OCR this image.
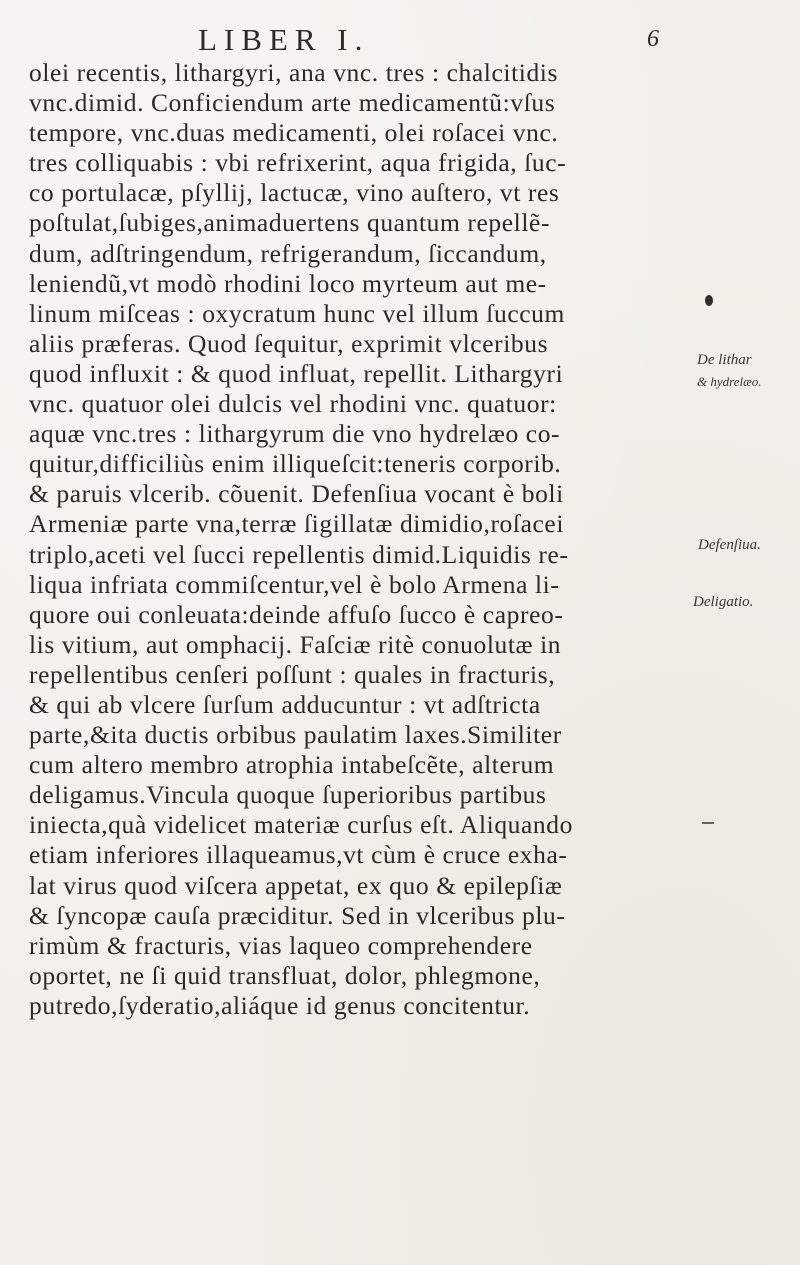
LIBER I.	6
olei recentis, lithargyri, ana vnc. tres : chalcitidis
vnc.dimid. Conficiendum arte medicamentũ:vſus
tempore, vnc.duas medicamenti, olei roſacei vnc.
tres colliquabis : vbi refrixerint, aqua frigida, ſuc-
co portulacæ, pſyllij, lactucæ, vino auſtero, vt res
poſtulat,ſubiges,animaduertens quantum repellẽ-
dum, adſtringendum, refrigerandum, ſiccandum,
leniendũ,vt modò rhodini loco myrteum aut me-
linum miſceas : oxycratum hunc vel illum ſuccum
aliis præferas. Quod ſequitur, exprimit vlceribus
quod influxit : & quod influat, repellit. Lithargyri
vnc. quatuor olei dulcis vel rhodini vnc. quatuor:
aquæ vnc.tres : lithargyrum die vno hydrelæo co-
quitur,difficiliùs enim illiqueſcit:teneris corporib.
& paruis vlcerib. cõuenit. Defenſiua vocant è boli
Armeniæ parte vna,terræ ſigillatæ dimidio,roſacei
triplo,aceti vel ſucci repellentis dimid.Liquidis re-
liqua infriata commiſcentur,vel è bolo Armena li-
quore oui conleuata:deinde affuſo ſucco è capreo-
lis vitium, aut omphacij. Faſciæ ritè conuolutæ in
repellentibus cenſeri poſſunt : quales in fracturis,
& qui ab vlcere ſurſum adducuntur : vt adſtricta
parte,&ita ductis orbibus paulatim laxes.Similiter
cum altero membro atrophia intabeſcẽte, alterum
deligamus.Vincula quoque ſuperioribus partibus
iniecta,quà videlicet materiæ curſus eſt. Aliquando
etiam inferiores illaqueamus,vt cùm è cruce exha-
lat virus quod viſcera appetat, ex quo & epilepſiæ
& ſyncopæ cauſa præciditur. Sed in vlceribus plu-
rimùm & fracturis, vias laqueo comprehendere
oportet, ne ſi quid transfluat, dolor, phlegmone,
putredo,ſyderatio,aliáque id genus concitentur.
De lithar
& hydrelæo.
Defenſiua.
Deligatio.
